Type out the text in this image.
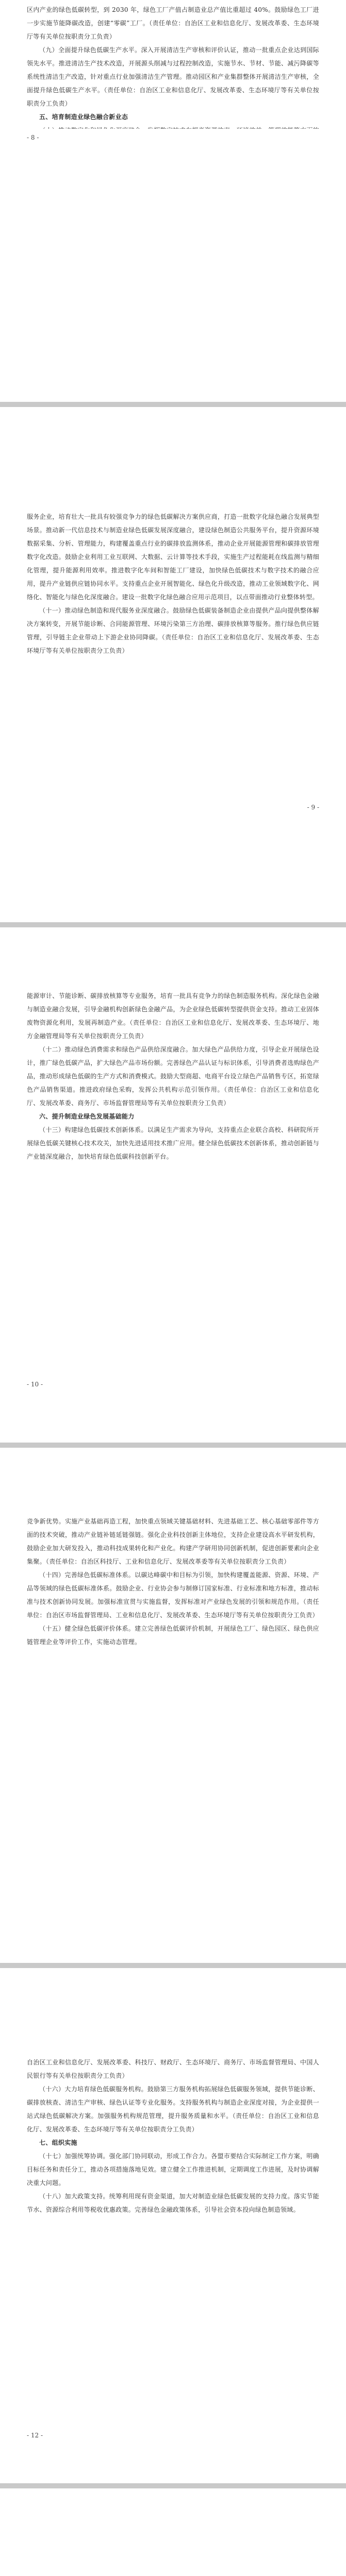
区内产业的绿色低碳转型，到 2030 年，绿色工厂产值占制造业总产值比重超过 40%。鼓励绿色工厂进一步实施节能降碳改造，创建“零碳”工厂。（责任单位：自治区工业和信息化厅、发展改革委、生态环境厅等有关单位按职责分工负责）

（九）全面提升绿色低碳生产水平。深入开展清洁生产审核和评价认证，推动一批重点企业达到国际领先水平。推进清洁生产技术改造，开展源头削减与过程控制改造，实施节水、节材、节能、减污降碳等系统性清洁生产改造，针对重点行业加强清洁生产管理。推动园区和产业集群整体开展清洁生产审核，全面提升绿色低碳生产水平。（责任单位：自治区工业和信息化厅、发展改革委、生态环境厅等有关单位按职责分工负责）

五、培育制造业绿色融合新业态

- 8 -

服务企业，培育壮大一批具有较强竞争力的绿色低碳解决方案供应商，打造一批数字化绿色融合发展典型场景。推动新一代信息技术与制造业绿色低碳发展深度融合，建设绿色制造公共服务平台，提升资源环境数据采集、分析、管理能力，构建覆盖重点行业的碳排放监测体系，推动企业开展能源管理和碳排放管理数字化改造。鼓励企业利用工业互联网、大数据、云计算等技术手段，实施生产过程能耗在线监测与精细化管理，提升能源利用效率。推进数字化车间和智能工厂建设，加快绿色低碳技术与数字技术的融合应用，提升产业链供应链协同水平。支持重点企业开展智能化、绿色化升级改造，推动工业领域数字化、网络化、智能化与绿色化深度融合。建设一批数字化绿色融合应用示范项目，以点带面推动行业整体转型。

（十一）推动绿色制造和现代服务业深度融合。鼓励绿色低碳装备制造企业由提供产品向提供整体解决方案转变，开展节能诊断、合同能源管理、环境污染第三方治理、碳排放核算等服务。推行绿色供应链管理，引导链主企业带动上下游企业协同降碳。（责任单位：自治区工业和信息化厅、发展改革委、生态环境厅等有关单位按职责分工负责）

- 9 -

能源审计、节能诊断、碳排放核算等专业服务，培育一批具有竞争力的绿色制造服务机构。深化绿色金融与制造业融合发展，引导金融机构创新绿色金融产品，为企业绿色低碳转型提供资金支持。推动工业固体废物资源化利用，发展再制造产业。（责任单位：自治区工业和信息化厅、发展改革委、生态环境厅、地方金融管理局等有关单位按职责分工负责）

（十二）推动绿色消费需求和绿色产品供给深度融合。加大绿色产品供给力度，引导企业开展绿色设计，推广绿色低碳产品，扩大绿色产品市场份额。完善绿色产品认证与标识体系，引导消费者选购绿色产品，推动形成绿色低碳的生产方式和消费模式。鼓励大型商超、电商平台设立绿色产品销售专区，拓宽绿色产品销售渠道。推进政府绿色采购，发挥公共机构示范引领作用。（责任单位：自治区工业和信息化厅、发展改革委、商务厅、市场监督管理局等有关单位按职责分工负责）

六、提升制造业绿色发展基础能力

（十三）构建绿色低碳技术创新体系。以满足生产需求为导向，支持重点企业联合高校、科研院所开展绿色低碳关键核心技术攻关，加快先进适用技术推广应用。健全绿色低碳技术创新体系，推动创新链与产业链深度融合，加快培育绿色低碳科技创新平台。

- 10 -

竞争新优势。实施产业基础再造工程，加快重点领域关键基础材料、先进基础工艺、核心基础零部件等方面的技术突破，推动产业链补链延链强链。强化企业科技创新主体地位，支持企业建设高水平研发机构，鼓励企业加大研发投入，推动科技成果转化和产业化。构建产学研用协同创新机制，促进创新要素向企业集聚。（责任单位：自治区科技厅、工业和信息化厅、发展改革委等有关单位按职责分工负责）

（十四）完善绿色低碳标准体系。以碳达峰碳中和目标为引领，加快构建覆盖能源、资源、环境、产品等领域的绿色低碳标准体系。鼓励企业、行业协会参与制修订国家标准、行业标准和地方标准，推动标准与技术创新协同发展。加强标准宣贯与实施监督，发挥标准对产业绿色发展的引领和规范作用。（责任单位：自治区市场监督管理局、工业和信息化厅、发展改革委、生态环境厅等有关单位按职责分工负责）

（十五）健全绿色低碳评价体系。建立完善绿色低碳评价机制，开展绿色工厂、绿色园区、绿色供应链管理企业等评价工作，实施动态管理。

自治区工业和信息化厅、发展改革委、科技厅、财政厅、生态环境厅、商务厅、市场监督管理局、中国人民银行等有关单位按职责分工负责）

（十六）大力培育绿色低碳服务机构。鼓励第三方服务机构拓展绿色低碳服务领域，提供节能诊断、碳排放核查、清洁生产审核、绿色认证等专业化服务。支持服务机构与制造企业深度对接，为企业提供一站式绿色低碳解决方案。加强服务机构规范管理，提升服务质量和水平。（责任单位：自治区工业和信息化厅、发展改革委、生态环境厅等有关单位按职责分工负责）

七、组织实施

（十七）加强统筹协调。强化部门协同联动，形成工作合力。各盟市要结合实际制定工作方案，明确目标任务和责任分工，推动各项措施落地见效。建立健全工作推进机制，定期调度工作进展，及时协调解决重大问题。

（十八）加大政策支持。统筹利用现有资金渠道，加大对制造业绿色低碳发展的支持力度。落实节能节水、资源综合利用等税收优惠政策。完善绿色金融政策体系，引导社会资本投向绿色制造领域。

- 12 -
